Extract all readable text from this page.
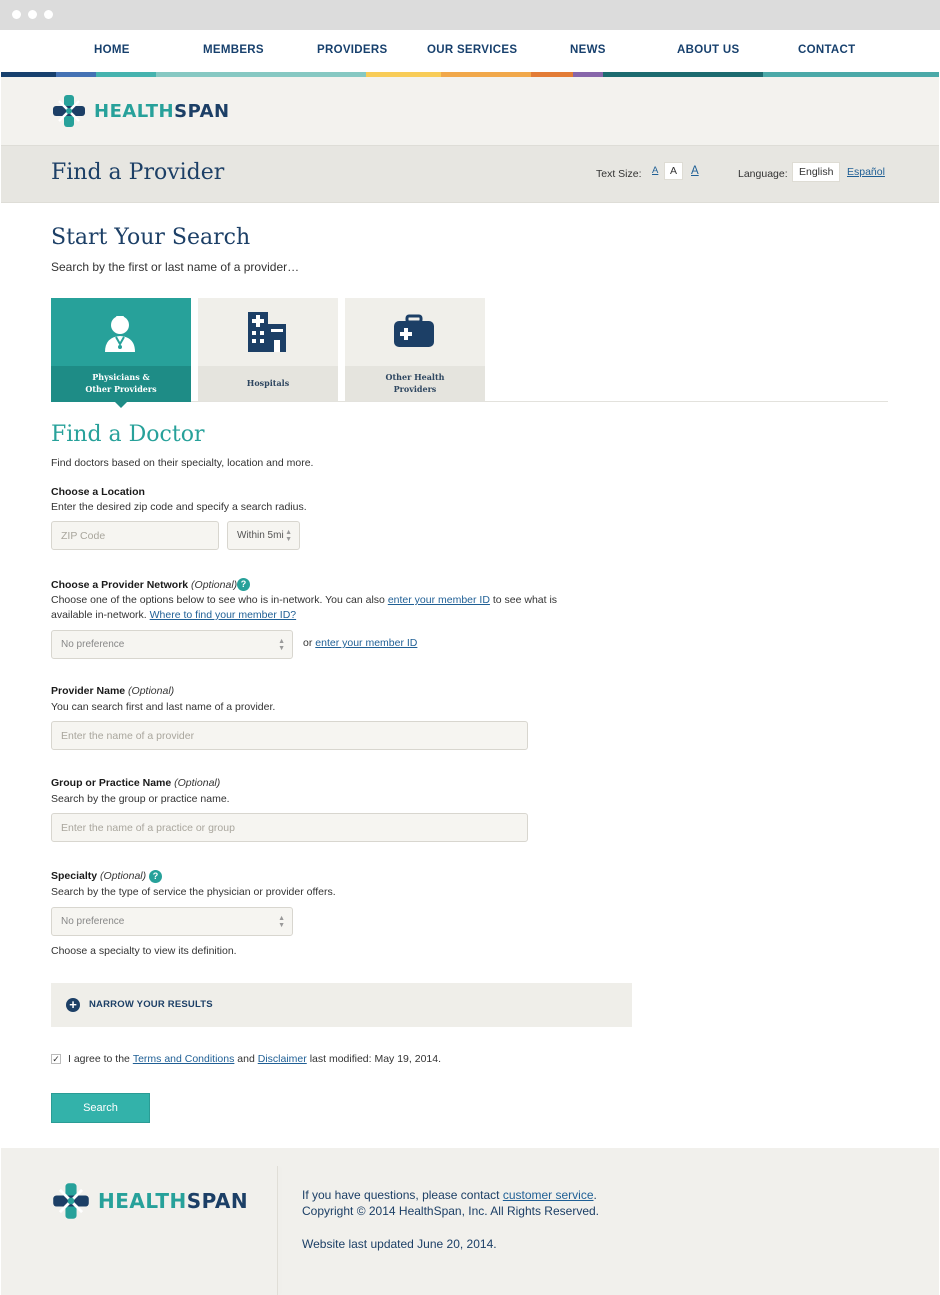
HOME	MEMBERS	PROVIDERS	OUR SERVICES	NEWS	ABOUT US	CONTACT
HEALTHSPAN
Find a Provider	Text Size: A	A	A	Language:	English	Español
Start Your Search
Search by the first or last name of a provider…
Physicians &
Other Providers
Hospitals
Other Health
Providers
Find a Doctor
Find doctors based on their specialty, location and more.
Choose a Location
Enter the desired zip code and specify a search radius.
ZIP Code
Within 5mi ▲
▼
Choose a Provider Network (Optional) ?
Choose one of the options below to see who is in-network. You can also enter your member ID to see what is
available in-network. Where to find your member ID?
No preference	▲
▼ or enter your member ID
Provider Name (Optional)
You can search first and last name of a provider.
Enter the name of a provider
Group or Practice Name (Optional)
Search by the group or practice name.
Enter the name of a practice or group
Specialty (Optional) ?
Search by the type of service the physician or provider offers.
No preference	▲
▼
Choose a specialty to view its definition.
+	NARROW YOUR RESULTS
✓ I agree to the
Terms and Conditions
and
Disclaimer
last modified: May 19, 2014.
Search
HEALTHSPAN	If you have questions, please contact customer service.
Copyright © 2014 HealthSpan, Inc. All Rights Reserved.
Website last updated June 20, 2014.
